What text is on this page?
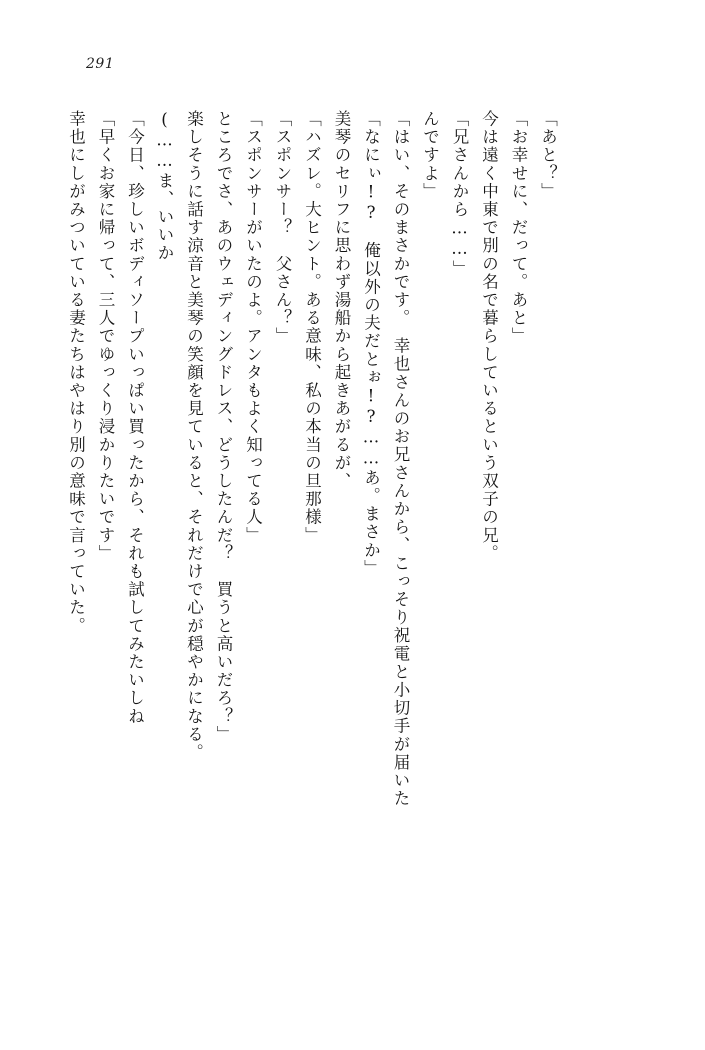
291
幸也にしがみついている妻たちはやはり別の意味で言っていた。 「早くお家に帰って、三人でゆっくり浸かりたいです」 「今日、珍しいボディソープいっぱい買ったから、それも試してみたいしね (……ま、いいか 楽しそうに話す涼音と美琴の笑顔を見ていると、それだけで心が穏やかになる。 ところでさ、あのウェディングドレス、どうしたんだ？　買うと高いだろ？」 「スポンサーがいたのよ。アンタもよく知ってる人」 「スポンサー？　父さん？」 「ハズレ。大ヒント。ある意味、私の本当の旦那様」 美琴のセリフに思わず湯船から起きあがるが、 「なにぃ!?　俺以外の夫だとぉ!?……あ。まさか」 「はい、そのまさかです。　幸也さんのお兄さんから、こっそり祝電と小切手が届いた んですよ」 「兄さんから……」 今は遠く中東で別の名で暮らしているという双子の兄。 「お幸せに、だって。あと」 「あと？」
